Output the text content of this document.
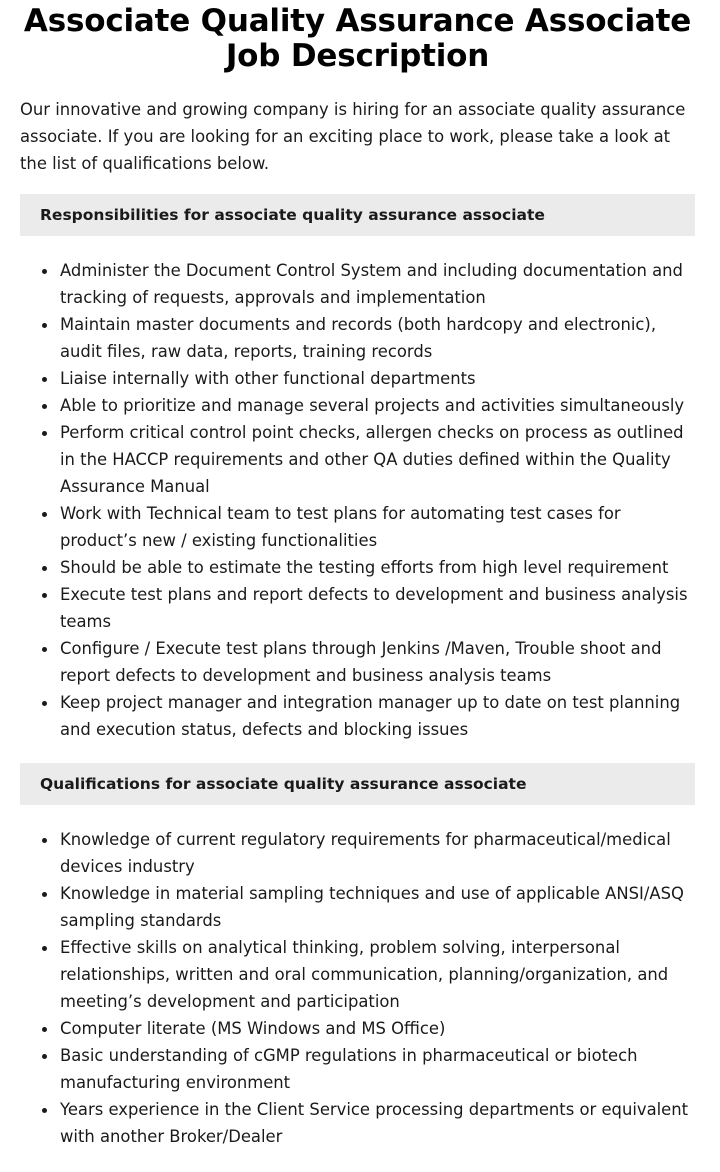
Associate Quality Assurance Associate Job Description

Our innovative and growing company is hiring for an associate quality assurance associate. If you are looking for an exciting place to work, please take a look at the list of qualifications below.

Responsibilities for associate quality assurance associate
Administer the Document Control System and including documentation and tracking of requests, approvals and implementation
Maintain master documents and records (both hardcopy and electronic), audit files, raw data, reports, training records
Liaise internally with other functional departments
Able to prioritize and manage several projects and activities simultaneously
Perform critical control point checks, allergen checks on process as outlined in the HACCP requirements and other QA duties defined within the Quality Assurance Manual
Work with Technical team to test plans for automating test cases for product’s new / existing functionalities
Should be able to estimate the testing efforts from high level requirement
Execute test plans and report defects to development and business analysis teams
Configure / Execute test plans through Jenkins /Maven, Trouble shoot and report defects to development and business analysis teams
Keep project manager and integration manager up to date on test planning and execution status, defects and blocking issues
Qualifications for associate quality assurance associate
Knowledge of current regulatory requirements for pharmaceutical/medical devices industry
Knowledge in material sampling techniques and use of applicable ANSI/ASQ sampling standards
Effective skills on analytical thinking, problem solving, interpersonal relationships, written and oral communication, planning/organization, and meeting’s development and participation
Computer literate (MS Windows and MS Office)
Basic understanding of cGMP regulations in pharmaceutical or biotech manufacturing environment
Years experience in the Client Service processing departments or equivalent with another Broker/Dealer
